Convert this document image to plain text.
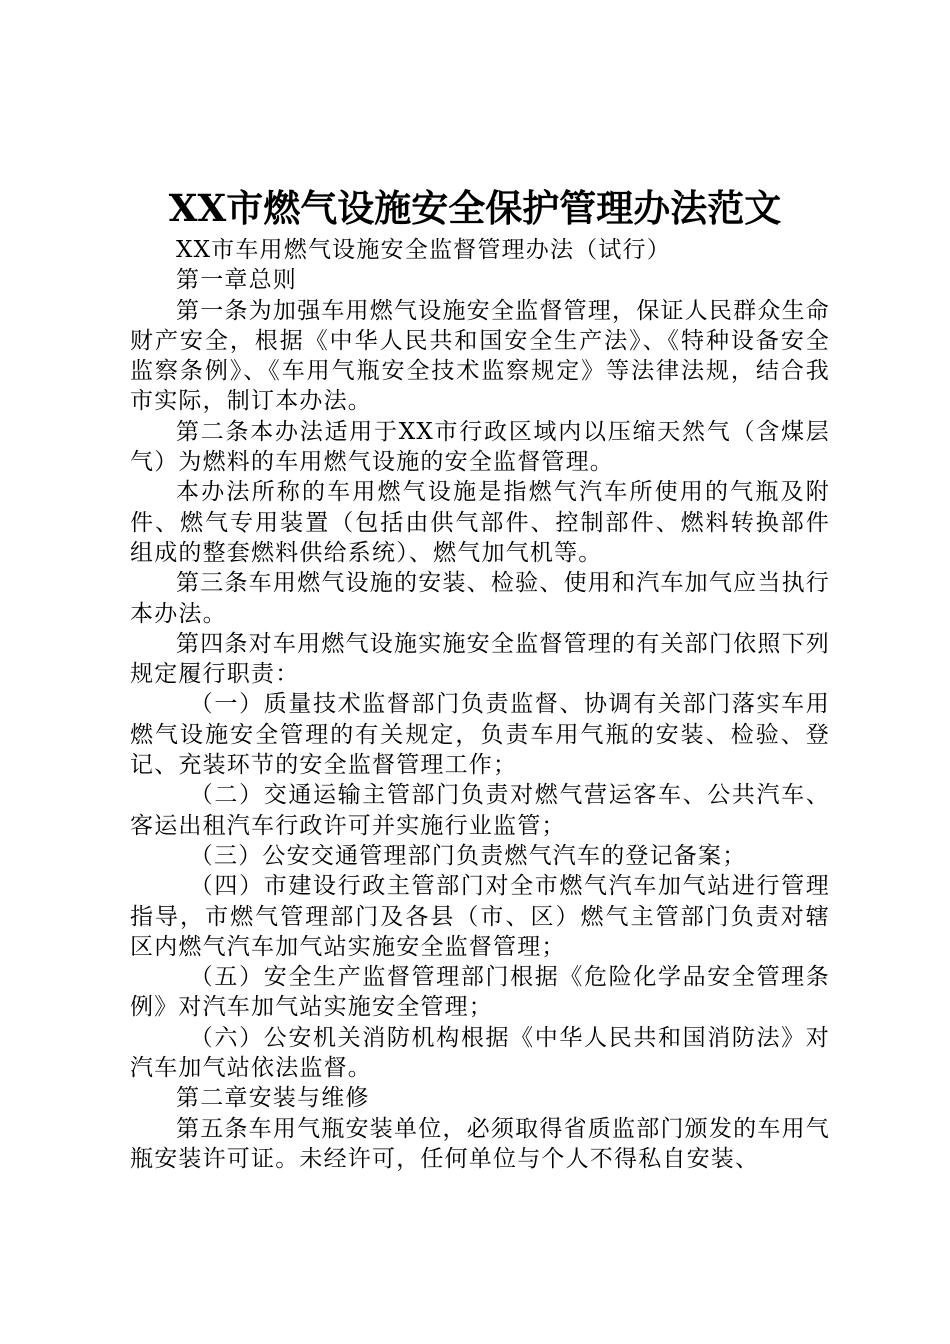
XX市燃气设施安全保护管理办法范文

XX市车用燃气设施安全监督管理办法（试行）

第一章总则

第一条为加强车用燃气设施安全监督管理，保证人民群众生命财产安全，根据《中华人民共和国安全生产法》、《特种设备安全监察条例》、《车用气瓶安全技术监察规定》等法律法规，结合我市实际，制订本办法。

第二条本办法适用于XX市行政区域内以压缩天然气（含煤层气）为燃料的车用燃气设施的安全监督管理。

本办法所称的车用燃气设施是指燃气汽车所使用的气瓶及附件、燃气专用装置（包括由供气部件、控制部件、燃料转换部件组成的整套燃料供给系统）、燃气加气机等。

第三条车用燃气设施的安装、检验、使用和汽车加气应当执行本办法。

第四条对车用燃气设施实施安全监督管理的有关部门依照下列规定履行职责：

（一）质量技术监督部门负责监督、协调有关部门落实车用燃气设施安全管理的有关规定，负责车用气瓶的安装、检验、登记、充装环节的安全监督管理工作；

（二）交通运输主管部门负责对燃气营运客车、公共汽车、客运出租汽车行政许可并实施行业监管；

（三）公安交通管理部门负责燃气汽车的登记备案；

（四）市建设行政主管部门对全市燃气汽车加气站进行管理指导，市燃气管理部门及各县（市、区）燃气主管部门负责对辖区内燃气汽车加气站实施安全监督管理；

（五）安全生产监督管理部门根据《危险化学品安全管理条例》对汽车加气站实施安全管理；

（六）公安机关消防机构根据《中华人民共和国消防法》对汽车加气站依法监督。

第二章安装与维修

第五条车用气瓶安装单位，必须取得省质监部门颁发的车用气瓶安装许可证。未经许可，任何单位与个人不得私自安装、
